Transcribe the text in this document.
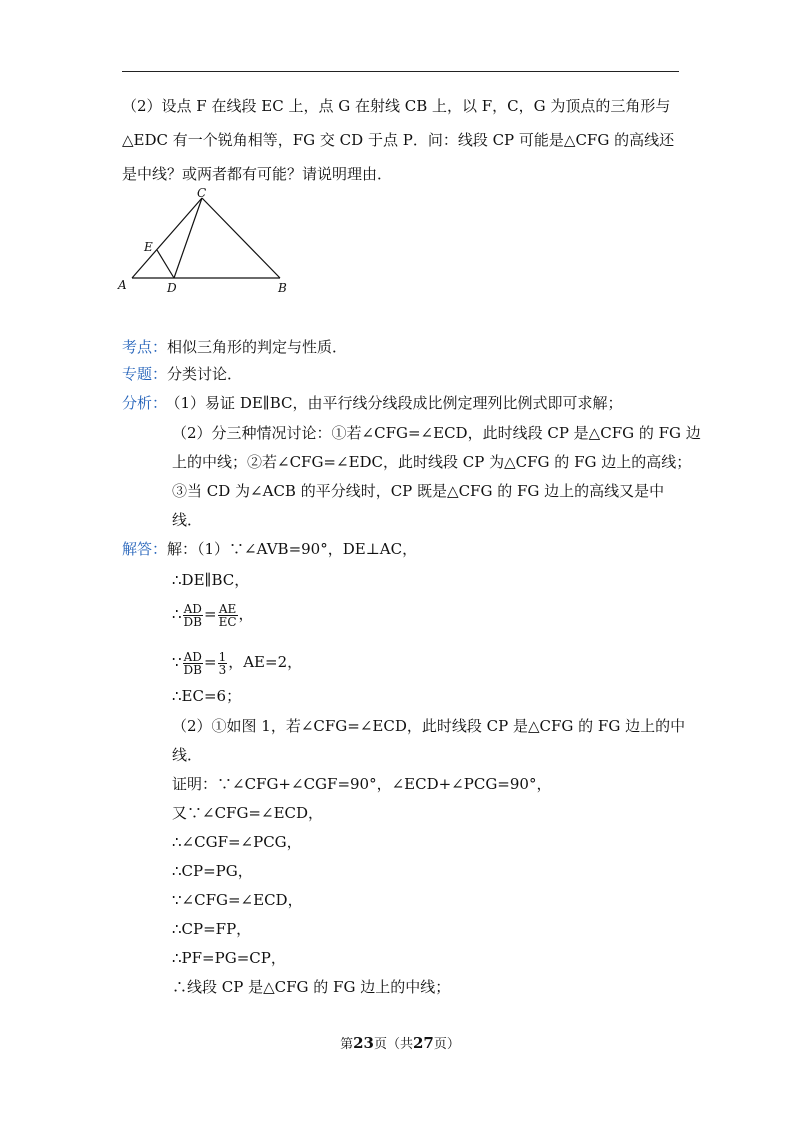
（2）设点 F 在线段 EC 上，点 G 在射线 CB 上，以 F，C，G 为顶点的三角形与
△EDC 有一个锐角相等，FG 交 CD 于点 P．问：线段 CP 可能是△CFG 的高线还
是中线？或两者都有可能？请说明理由．
A	B
C
D
E
考点：相似三角形的判定与性质．
专题：分类讨论．
分析： （1）易证 DE∥BC，由平行线分线段成比例定理列比例式即可求解；
（2）分三种情况讨论：①若∠CFG=∠ECD，此时线段 CP 是△CFG 的 FG 边
上的中线；②若∠CFG=∠EDC，此时线段 CP 为△CFG 的 FG 边上的高线；
③当 CD 为∠ACB 的平分线时，CP 既是△CFG 的 FG 边上的高线又是中
线．
解答：解：（1）∵∠AVB=90°，DE⊥AC，
∴DE∥BC，
∴ $\frac{AD}{DB} = \frac{AE}{EC}$ ，
∵ $\frac{AD}{DB} = \frac{1}{3}$ ，AE=2，
∴EC=6；
（2）①如图 1，若∠CFG=∠ECD，此时线段 CP 是△CFG 的 FG 边上的中
线．
证明：∵∠CFG+∠CGF=90°，∠ECD+∠PCG=90°，
又∵∠CFG=∠ECD，
∴∠CGF=∠PCG，
∴CP=PG，
∵∠CFG=∠ECD，
∴CP=FP，
∴PF=PG=CP，
∴线段 CP 是△CFG 的 FG 边上的中线；
第23页（共27页）
